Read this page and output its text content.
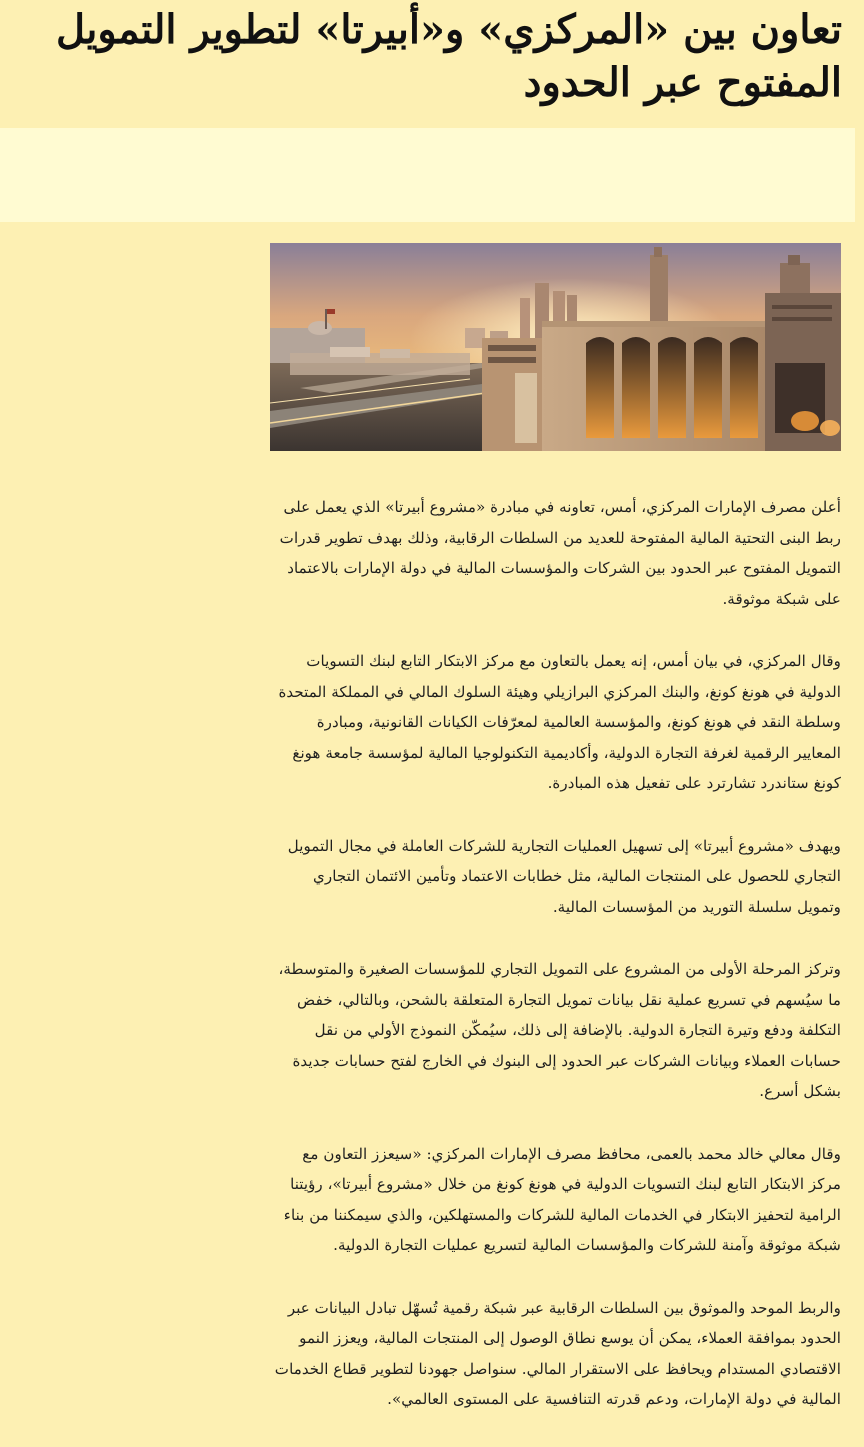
تعاون بين «المركزي» و«أبيرتا» لتطوير التمويل المفتوح عبر الحدود

أعلن مصرف الإمارات المركزي، أمس، تعاونه في مبادرة «مشروع أبيرتا» الذي يعمل على ربط البنى التحتية المالية المفتوحة للعديد من السلطات الرقابية، وذلك بهدف تطوير قدرات التمويل المفتوح عبر الحدود بين الشركات والمؤسسات المالية في دولة الإمارات بالاعتماد على شبكة موثوقة.

وقال المركزي، في بيان أمس، إنه يعمل بالتعاون مع مركز الابتكار التابع لبنك التسويات الدولية في هونغ كونغ، والبنك المركزي البرازيلي وهيئة السلوك المالي في المملكة المتحدة وسلطة النقد في هونغ كونغ، والمؤسسة العالمية لمعرّفات الكيانات القانونية، ومبادرة المعايير الرقمية لغرفة التجارة الدولية، وأكاديمية التكنولوجيا المالية لمؤسسة جامعة هونغ كونغ ستاندرد تشارترد على تفعيل هذه المبادرة.

ويهدف «مشروع أبيرتا» إلى تسهيل العمليات التجارية للشركات العاملة في مجال التمويل التجاري للحصول على المنتجات المالية، مثل خطابات الاعتماد وتأمين الائتمان التجاري وتمويل سلسلة التوريد من المؤسسات المالية.

وتركز المرحلة الأولى من المشروع على التمويل التجاري للمؤسسات الصغيرة والمتوسطة، ما سيُسهم في تسريع عملية نقل بيانات تمويل التجارة المتعلقة بالشحن، وبالتالي، خفض التكلفة ودفع وتيرة التجارة الدولية. بالإضافة إلى ذلك، سيُمكّن النموذج الأولي من نقل حسابات العملاء وبيانات الشركات عبر الحدود إلى البنوك في الخارج لفتح حسابات جديدة بشكل أسرع.

وقال معالي خالد محمد بالعمى، محافظ مصرف الإمارات المركزي: «سيعزز التعاون مع مركز الابتكار التابع لبنك التسويات الدولية في هونغ كونغ من خلال «مشروع أبيرتا»، رؤيتنا الرامية لتحفيز الابتكار في الخدمات المالية للشركات والمستهلكين، والذي سيمكننا من بناء شبكة موثوقة وآمنة للشركات والمؤسسات المالية لتسريع عمليات التجارة الدولية.

والربط الموحد والموثوق بين السلطات الرقابية عبر شبكة رقمية تُسهّل تبادل البيانات عبر الحدود بموافقة العملاء، يمكن أن يوسع نطاق الوصول إلى المنتجات المالية، ويعزز النمو الاقتصادي المستدام ويحافظ على الاستقرار المالي. سنواصل جهودنا لتطوير قطاع الخدمات المالية في دولة الإمارات، ودعم قدرته التنافسية على المستوى العالمي».
